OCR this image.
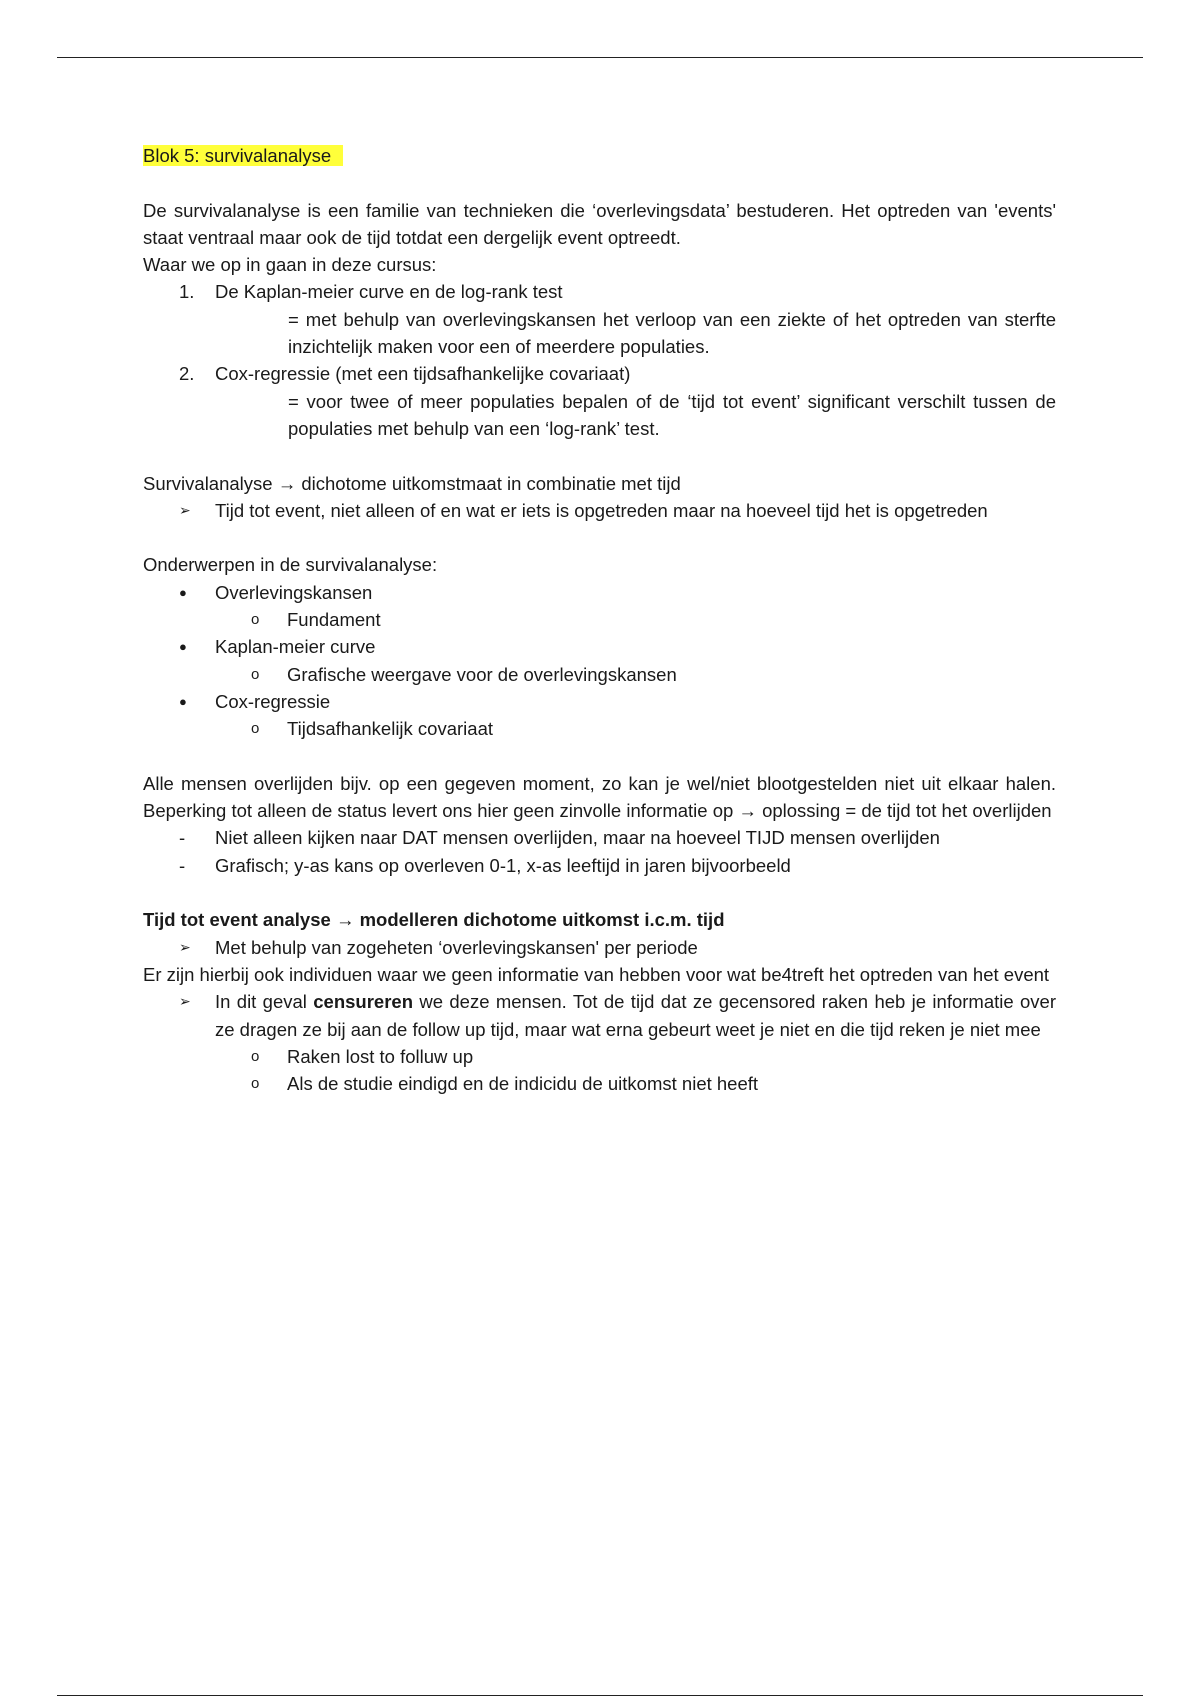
Blok 5: survivalanalyse

De survivalanalyse is een familie van technieken die ‘overlevingsdata’ bestuderen. Het optreden van 'events' staat ventraal maar ook de tijd totdat een dergelijk event optreedt.

Waar we op in gaan in deze cursus:

1. De Kaplan-meier curve en de log-rank test

= met behulp van overlevingskansen het verloop van een ziekte of het optreden van sterfte inzichtelijk maken voor een of meerdere populaties.

2. Cox-regressie (met een tijdsafhankelijke covariaat)

= voor twee of meer populaties bepalen of de ‘tijd tot event’ significant verschilt tussen de populaties met behulp van een ‘log-rank’ test.

Survivalanalyse → dichotome uitkomstmaat in combinatie met tijd

➢ Tijd tot event, niet alleen of en wat er iets is opgetreden maar na hoeveel tijd het is opgetreden

Onderwerpen in de survivalanalyse:

● Overlevingskansen
o Fundament
● Kaplan-meier curve
o Grafische weergave voor de overlevingskansen
● Cox-regressie
o Tijdsafhankelijk covariaat

Alle mensen overlijden bijv. op een gegeven moment, zo kan je wel/niet blootgestelden niet uit elkaar halen. Beperking tot alleen de status levert ons hier geen zinvolle informatie op → oplossing = de tijd tot het overlijden

- Niet alleen kijken naar DAT mensen overlijden, maar na hoeveel TIJD mensen overlijden
- Grafisch; y-as kans op overleven 0-1, x-as leeftijd in jaren bijvoorbeeld

Tijd tot event analyse → modelleren dichotome uitkomst i.c.m. tijd

➢ Met behulp van zogeheten ‘overlevingskansen' per periode

Er zijn hierbij ook individuen waar we geen informatie van hebben voor wat be4treft het optreden van het event

➢ In dit geval censureren we deze mensen. Tot de tijd dat ze gecensored raken heb je informatie over ze dragen ze bij aan de follow up tijd, maar wat erna gebeurt weet je niet en die tijd reken je niet mee
o Raken lost to folluw up
o Als de studie eindigd en de indicidu de uitkomst niet heeft
